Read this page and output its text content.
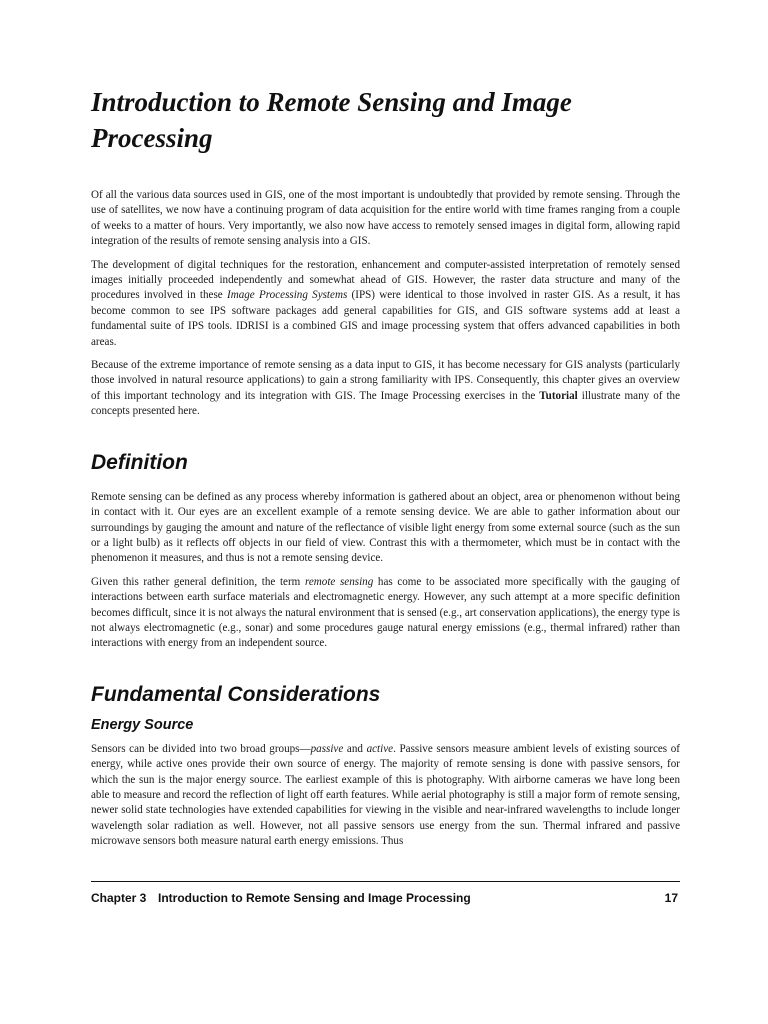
Introduction to Remote Sensing and Image Processing

Of all the various data sources used in GIS, one of the most important is undoubtedly that provided by remote sensing. Through the use of satellites, we now have a continuing program of data acquisition for the entire world with time frames ranging from a couple of weeks to a matter of hours. Very importantly, we also now have access to remotely sensed images in digital form, allowing rapid integration of the results of remote sensing analysis into a GIS.

The development of digital techniques for the restoration, enhancement and computer-assisted interpretation of remotely sensed images initially proceeded independently and somewhat ahead of GIS. However, the raster data structure and many of the procedures involved in these Image Processing Systems (IPS) were identical to those involved in raster GIS. As a result, it has become common to see IPS software packages add general capabilities for GIS, and GIS software systems add at least a fundamental suite of IPS tools. IDRISI is a combined GIS and image processing system that offers advanced capabilities in both areas.

Because of the extreme importance of remote sensing as a data input to GIS, it has become necessary for GIS analysts (particularly those involved in natural resource applications) to gain a strong familiarity with IPS. Consequently, this chapter gives an overview of this important technology and its integration with GIS. The Image Processing exercises in the Tutorial illustrate many of the concepts presented here.

Definition

Remote sensing can be defined as any process whereby information is gathered about an object, area or phenomenon without being in contact with it. Our eyes are an excellent example of a remote sensing device. We are able to gather information about our surroundings by gauging the amount and nature of the reflectance of visible light energy from some external source (such as the sun or a light bulb) as it reflects off objects in our field of view. Contrast this with a thermometer, which must be in contact with the phenomenon it measures, and thus is not a remote sensing device.

Given this rather general definition, the term remote sensing has come to be associated more specifically with the gauging of interactions between earth surface materials and electromagnetic energy. However, any such attempt at a more specific definition becomes difficult, since it is not always the natural environment that is sensed (e.g., art conservation applications), the energy type is not always electromagnetic (e.g., sonar) and some procedures gauge natural energy emissions (e.g., thermal infrared) rather than interactions with energy from an independent source.

Fundamental Considerations
Energy Source

Sensors can be divided into two broad groups—passive and active. Passive sensors measure ambient levels of existing sources of energy, while active ones provide their own source of energy. The majority of remote sensing is done with passive sensors, for which the sun is the major energy source. The earliest example of this is photography. With airborne cameras we have long been able to measure and record the reflection of light off earth features. While aerial photography is still a major form of remote sensing, newer solid state technologies have extended capabilities for viewing in the visible and near-infrared wavelengths to include longer wavelength solar radiation as well. However, not all passive sensors use energy from the sun. Thermal infrared and passive microwave sensors both measure natural earth energy emissions. Thus

Chapter 3 Introduction to Remote Sensing and Image Processing	17
